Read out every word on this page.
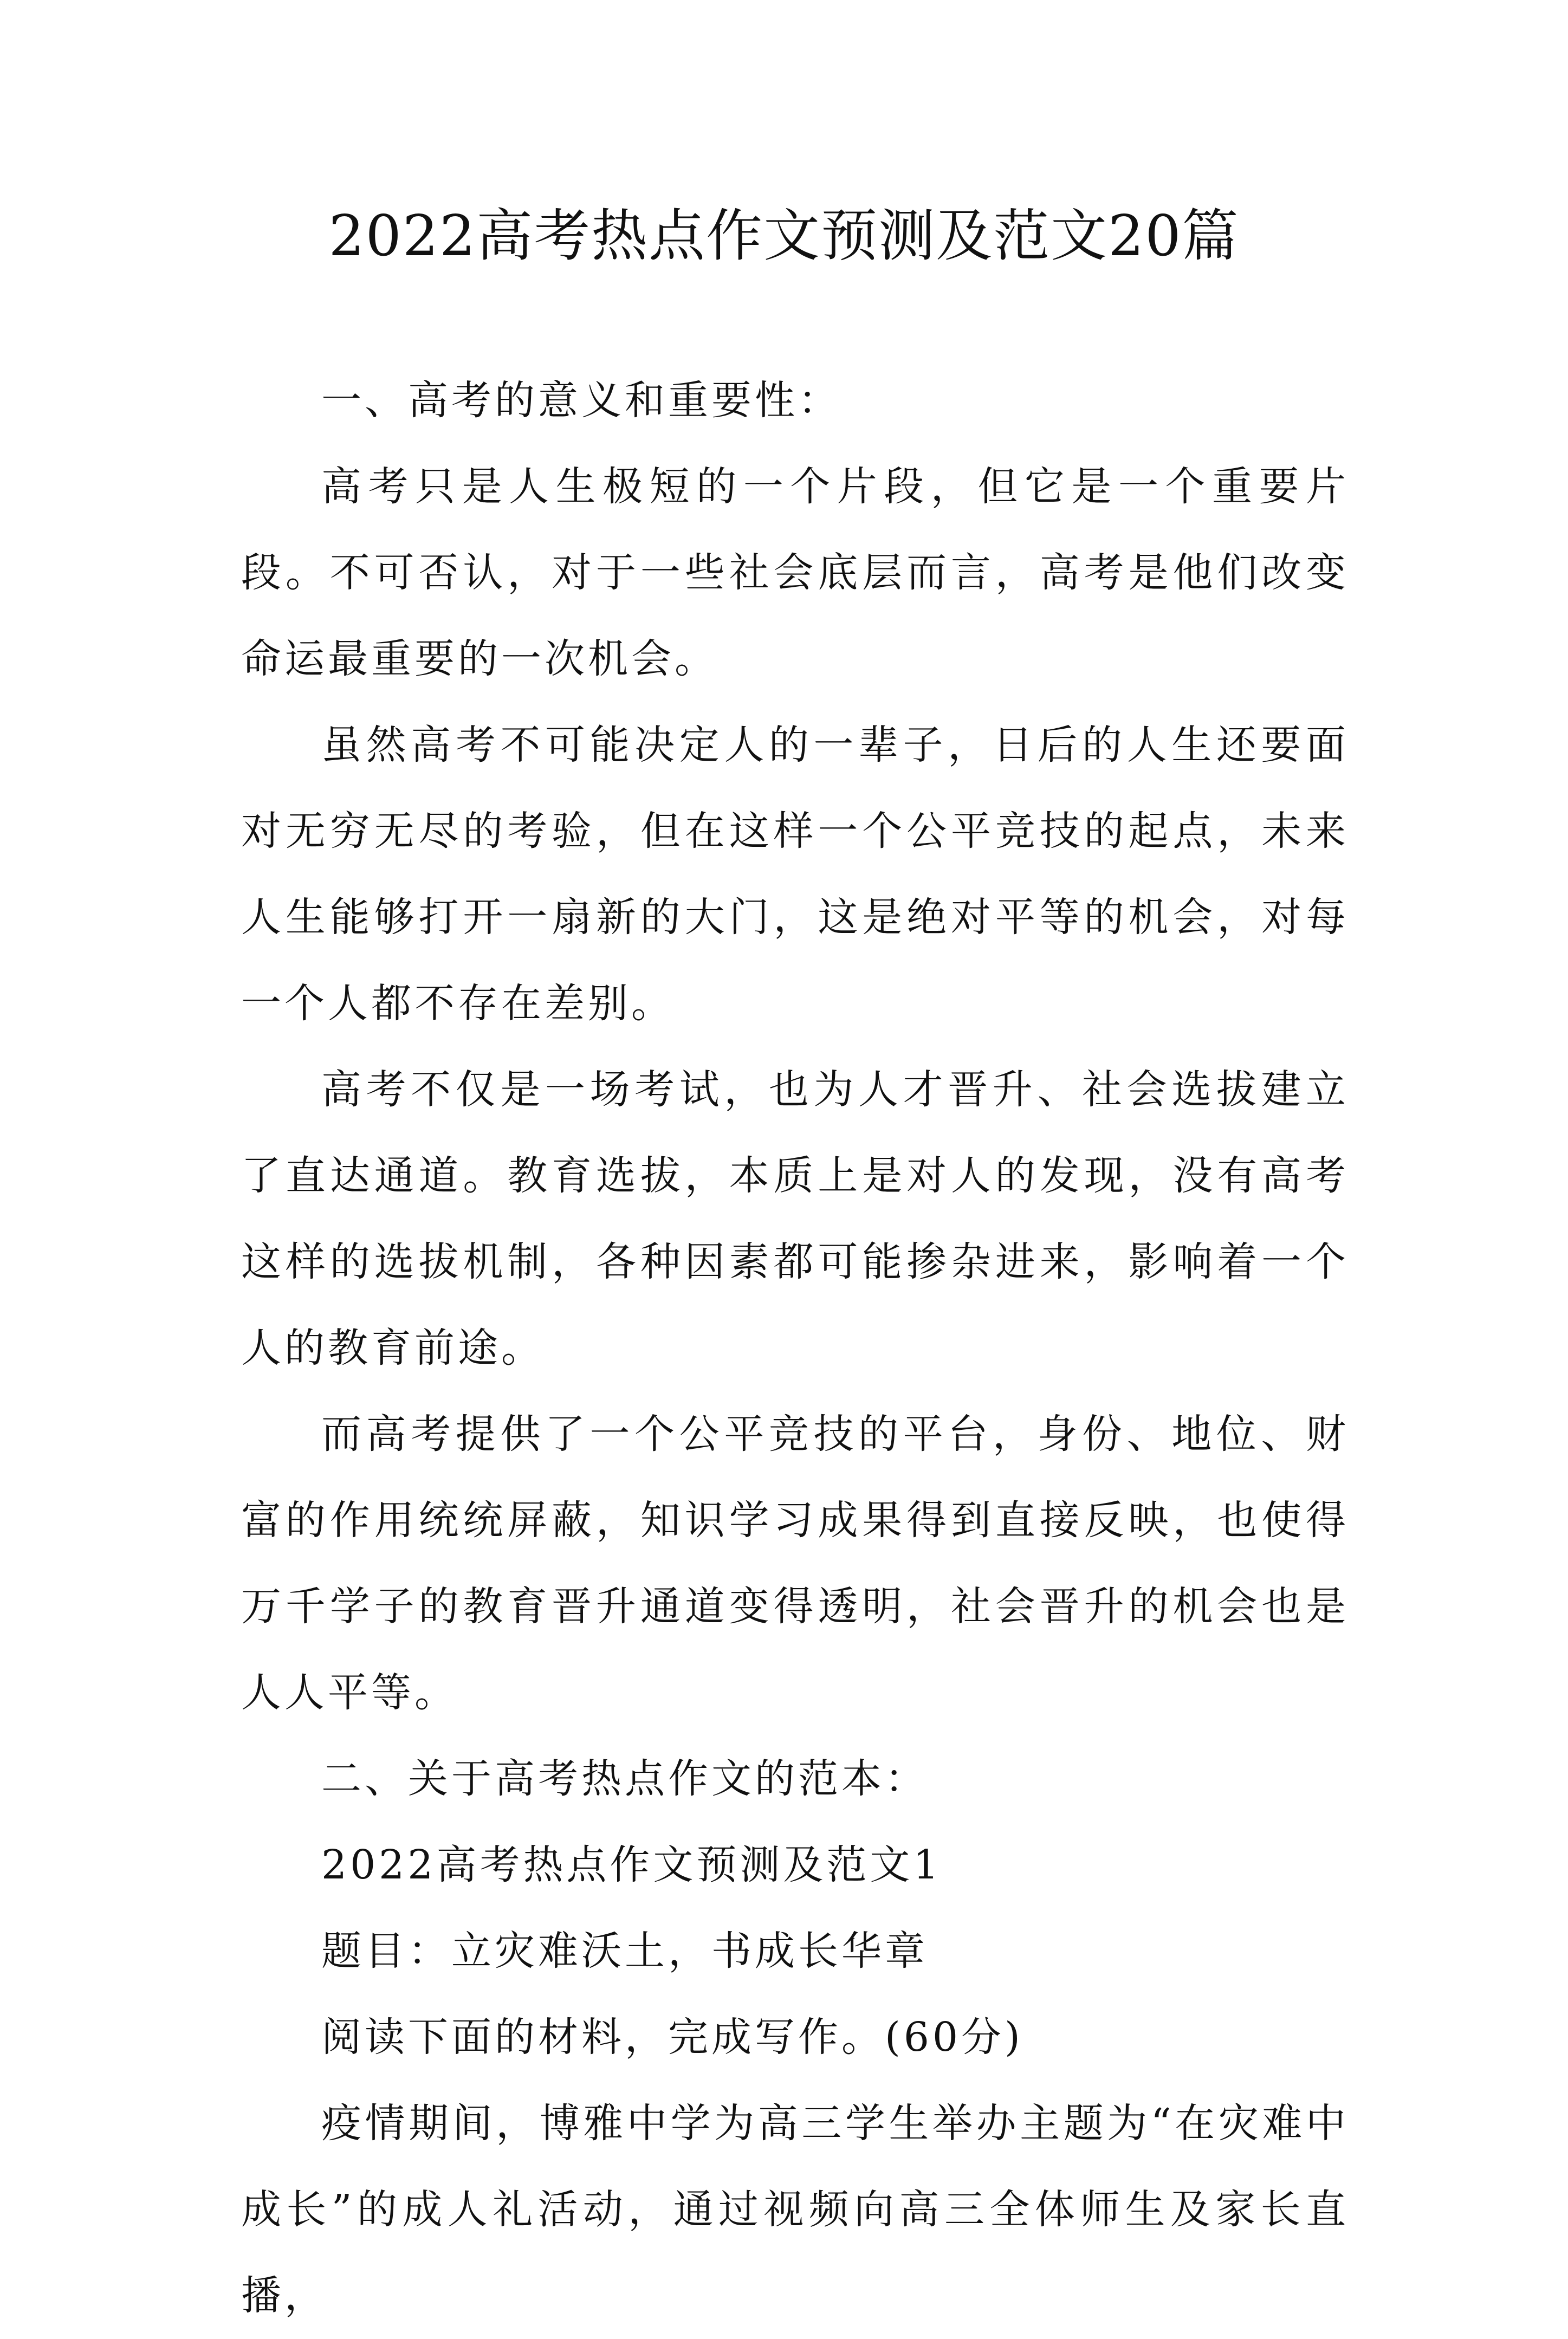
2022高考热点作文预测及范文20篇

一、高考的意义和重要性：

高考只是人生极短的一个片段，但它是一个重要片段。不可否认，对于一些社会底层而言，高考是他们改变命运最重要的一次机会。

虽然高考不可能决定人的一辈子，日后的人生还要面对无穷无尽的考验，但在这样一个公平竞技的起点，未来人生能够打开一扇新的大门，这是绝对平等的机会，对每一个人都不存在差别。

高考不仅是一场考试，也为人才晋升、社会选拔建立了直达通道。教育选拔，本质上是对人的发现，没有高考这样的选拔机制，各种因素都可能掺杂进来，影响着一个人的教育前途。

而高考提供了一个公平竞技的平台，身份、地位、财富的作用统统屏蔽，知识学习成果得到直接反映，也使得万千学子的教育晋升通道变得透明，社会晋升的机会也是人人平等。

二、关于高考热点作文的范本：

2022高考热点作文预测及范文1

题目：立灾难沃土，书成长华章

阅读下面的材料，完成写作。(60分)

疫情期间，博雅中学为高三学生举办主题为“在灾难中成长”的成人礼活动，通过视频向高三全体师生及家长直播，
